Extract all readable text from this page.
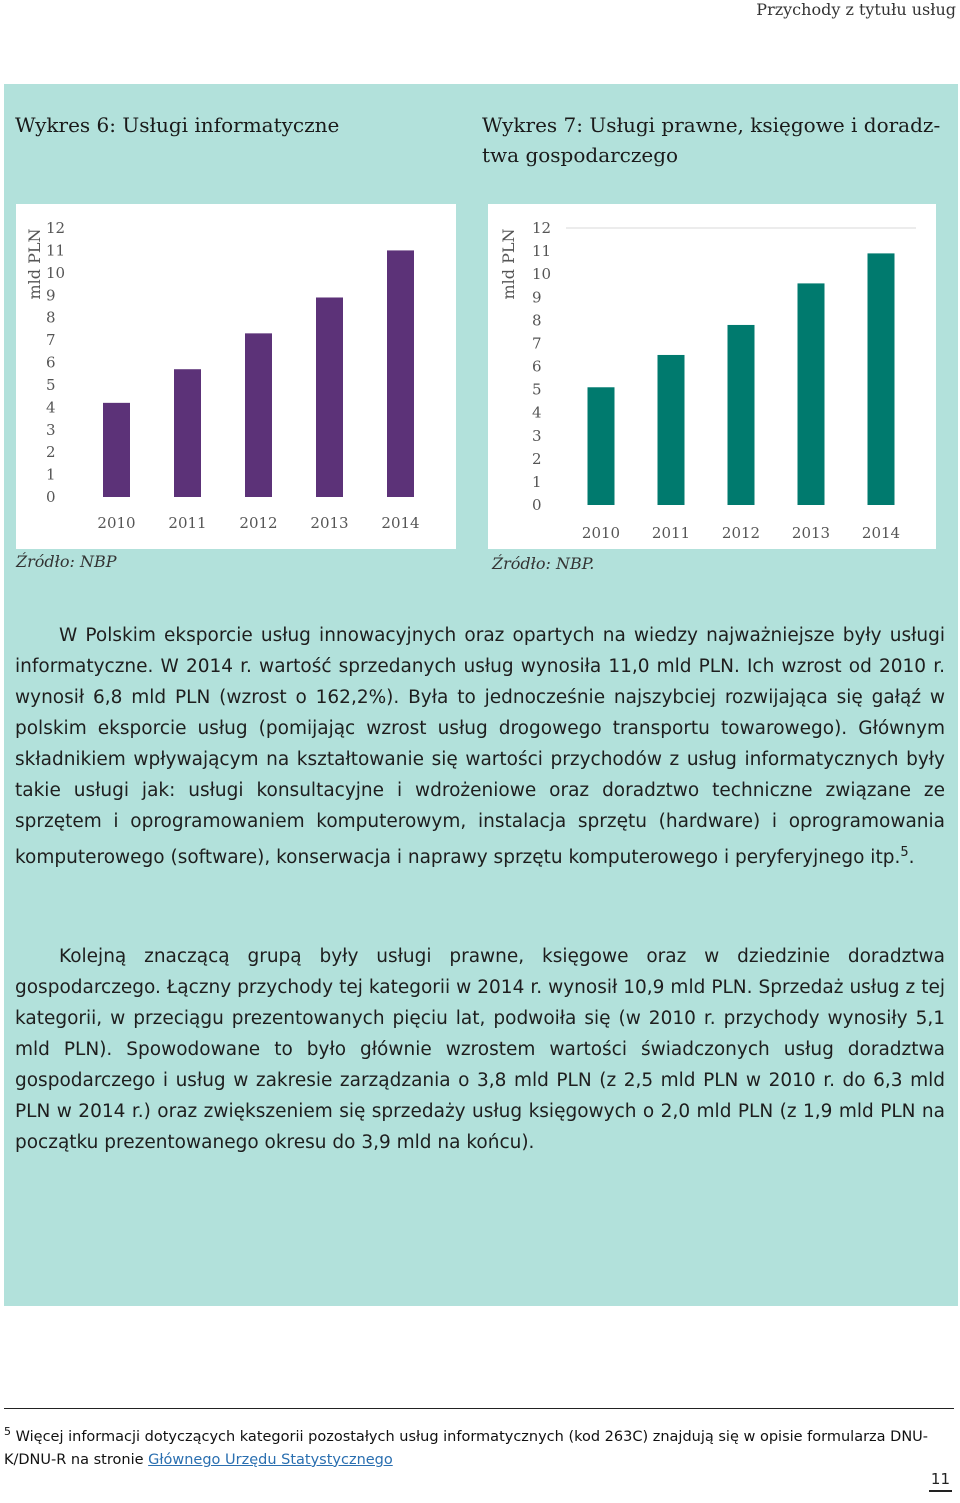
Przychody z tytułu usług
Wykres 6: Usługi informatyczne	Wykres 7: Usługi prawne, księgowe i doradz-
twa gospodarczego
mld PLN
0
1
2
3
4
5
6
7
8
9
10
11
12
2010 2011 2012 2013 2014
mld PLN
0
1
2
3
4
5
6
7
8
9
10
11
12
2010 2011 2012 2013 2014
Źródło: NBP	Źródło: NBP.

W Polskim eksporcie usług innowacyjnych oraz opartych na wiedzy najważniejsze były usługi informatyczne. W 2014 r. wartość sprzedanych usług wynosiła 11,0 mld PLN. Ich wzrost od 2010 r. wynosił 6,8 mld PLN (wzrost o 162,2%). Była to jednocześnie najszybciej rozwijająca się gałąź w polskim eksporcie usług (pomijając wzrost usług drogowego transportu towarowego). Głównym składnikiem wpływającym na kształtowanie się wartości przychodów z usług informatycznych były takie usługi jak: usługi konsultacyjne i wdrożeniowe oraz doradztwo techniczne związane ze sprzętem i oprogramowaniem komputerowym, instalacja sprzętu (hardware) i oprogramowania komputerowego (software), konserwacja i naprawy sprzętu komputerowego i peryferyjnego itp.$^5$.

Kolejną znaczącą grupą były usługi prawne, księgowe oraz w dziedzinie doradztwa gospodarczego. Łączny przychody tej kategorii w 2014 r. wynosił 10,9 mld PLN. Sprzedaż usług z tej kategorii, w przeciągu prezentowanych pięciu lat, podwoiła się (w 2010 r. przychody wynosiły 5,1 mld PLN). Spowodowane to było głównie wzrostem wartości świadczonych usług doradztwa gospodarczego i usług w zakresie zarządzania o 3,8 mld PLN (z 2,5 mld PLN w 2010 r. do 6,3 mld PLN w 2014 r.) oraz zwiększeniem się sprzedaży usług księgowych o 2,0 mld PLN (z 1,9 mld PLN na początku prezentowanego okresu do 3,9 mld na końcu).

$^5$ Więcej informacji dotyczących kategorii pozostałych usług informatycznych (kod 263C) znajdują się w opisie formularza DNU-K/DNU-R na stronie Głównego Urzędu Statystycznego
11
